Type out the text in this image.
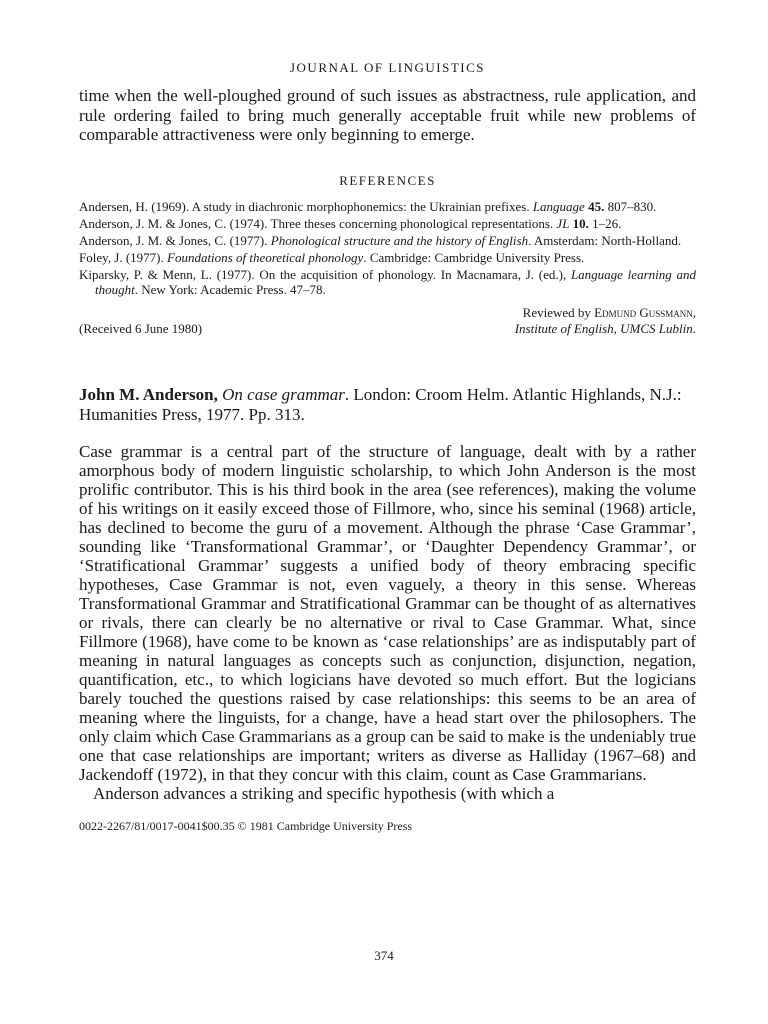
JOURNAL OF LINGUISTICS

time when the well-ploughed ground of such issues as abstractness, rule application, and rule ordering failed to bring much generally acceptable fruit while new problems of comparable attractiveness were only beginning to emerge.

REFERENCES
Andersen, H. (1969). A study in diachronic morphophonemics: the Ukrainian prefixes. Language 45. 807–830.
Anderson, J. M. & Jones, C. (1974). Three theses concerning phonological representations. JL 10. 1–26.
Anderson, J. M. & Jones, C. (1977). Phonological structure and the history of English. Amsterdam: North-Holland.
Foley, J. (1977). Foundations of theoretical phonology. Cambridge: Cambridge University Press.
Kiparsky, P. & Menn, L. (1977). On the acquisition of phonology. In Macnamara, J. (ed.), Language learning and thought. New York: Academic Press. 47–78.
(Received 6 June 1980)
Reviewed by Edmund Gussmann,
Institute of English, UMCS Lublin.

John M. Anderson, On case grammar. London: Croom Helm. Atlantic Highlands, N.J.: Humanities Press, 1977. Pp. 313.

Case grammar is a central part of the structure of language, dealt with by a rather amorphous body of modern linguistic scholarship, to which John Anderson is the most prolific contributor. This is his third book in the area (see references), making the volume of his writings on it easily exceed those of Fillmore, who, since his seminal (1968) article, has declined to become the guru of a movement. Although the phrase ‘Case Grammar’, sounding like ‘Transformational Grammar’, or ‘Daughter Dependency Grammar’, or ‘Stratificational Grammar’ suggests a unified body of theory embracing specific hypotheses, Case Grammar is not, even vaguely, a theory in this sense. Whereas Transformational Grammar and Stratificational Grammar can be thought of as alternatives or rivals, there can clearly be no alternative or rival to Case Grammar. What, since Fillmore (1968), have come to be known as ‘case relationships’ are as indisputably part of meaning in natural languages as concepts such as conjunction, disjunction, negation, quantification, etc., to which logicians have devoted so much effort. But the logicians barely touched the questions raised by case relationships: this seems to be an area of meaning where the linguists, for a change, have a head start over the philosophers. The only claim which Case Grammarians as a group can be said to make is the undeniably true one that case relationships are important; writers as diverse as Halliday (1967–68) and Jackendoff (1972), in that they concur with this claim, count as Case Grammarians.

Anderson advances a striking and specific hypothesis (with which a

0022-2267/81/0017-0041$00.35 © 1981 Cambridge University Press
374
